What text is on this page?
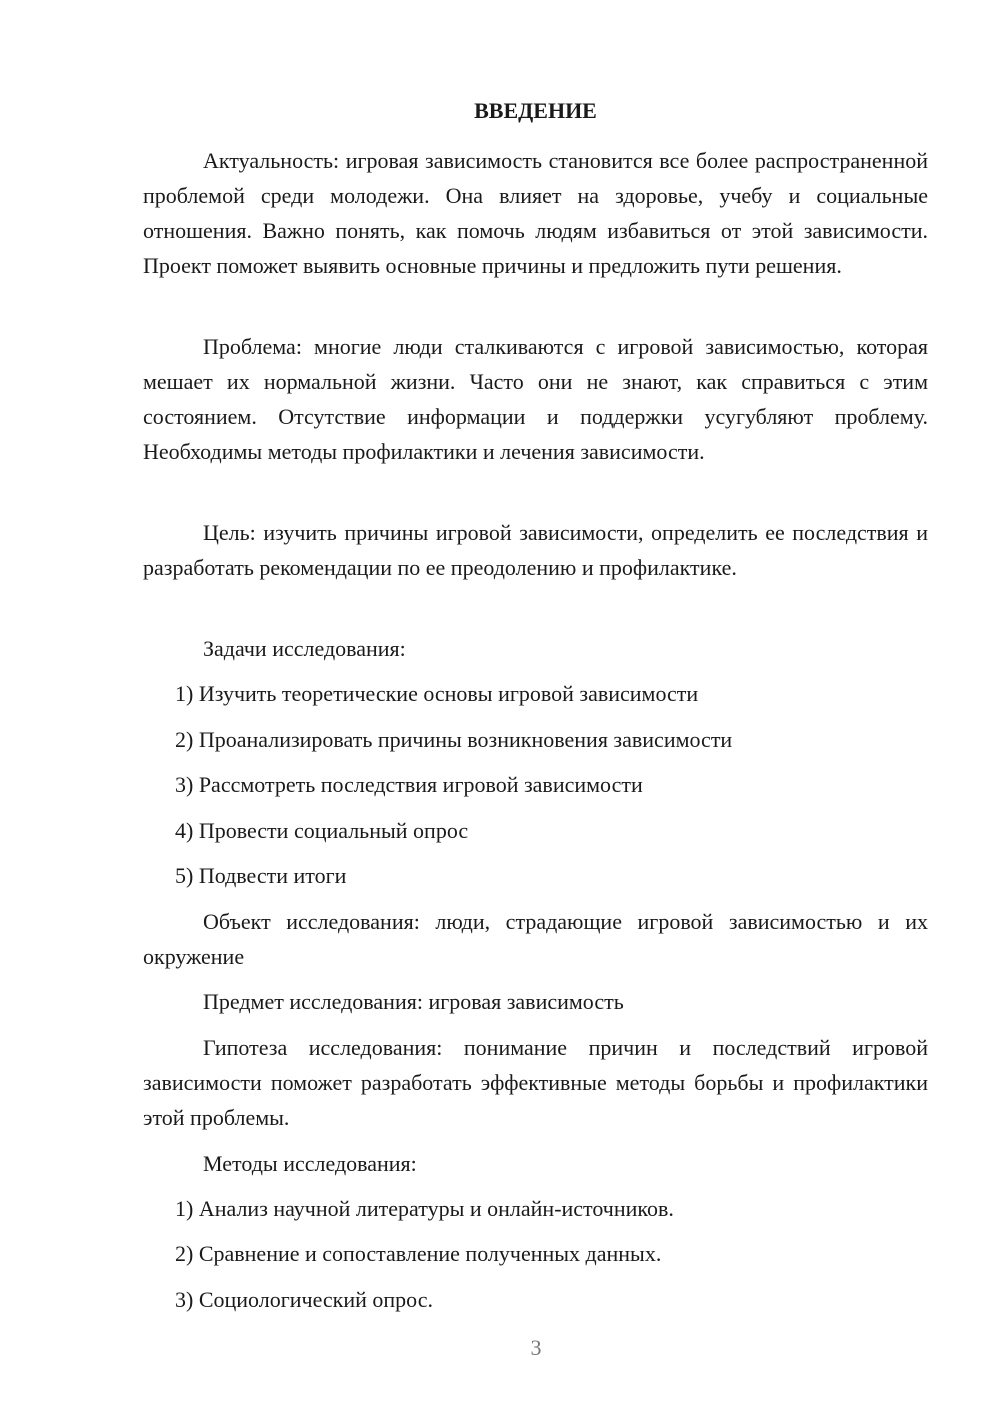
ВВЕДЕНИЕ
Актуальность: игровая зависимость становится все более распространенной проблемой среди молодежи. Она влияет на здоровье, учебу и социальные отношения. Важно понять, как помочь людям избавиться от этой зависимости. Проект поможет выявить основные причины и предложить пути решения.
Проблема: многие люди сталкиваются с игровой зависимостью, которая мешает их нормальной жизни. Часто они не знают, как справиться с этим состоянием. Отсутствие информации и поддержки усугубляют проблему. Необходимы методы профилактики и лечения зависимости.
Цель: изучить причины игровой зависимости, определить ее последствия и разработать рекомендации по ее преодолению и профилактике.
Задачи исследования:
1) Изучить теоретические основы игровой зависимости
2) Проанализировать причины возникновения зависимости
3) Рассмотреть последствия игровой зависимости
4) Провести социальный опрос
5) Подвести итоги
Объект исследования: люди, страдающие игровой зависимостью и их окружение
Предмет исследования: игровая зависимость
Гипотеза исследования: понимание причин и последствий игровой зависимости поможет разработать эффективные методы борьбы и профилактики этой проблемы.
Методы исследования:
1) Анализ научной литературы и онлайн-источников.
2) Сравнение и сопоставление полученных данных.
3) Социологический опрос.
3
